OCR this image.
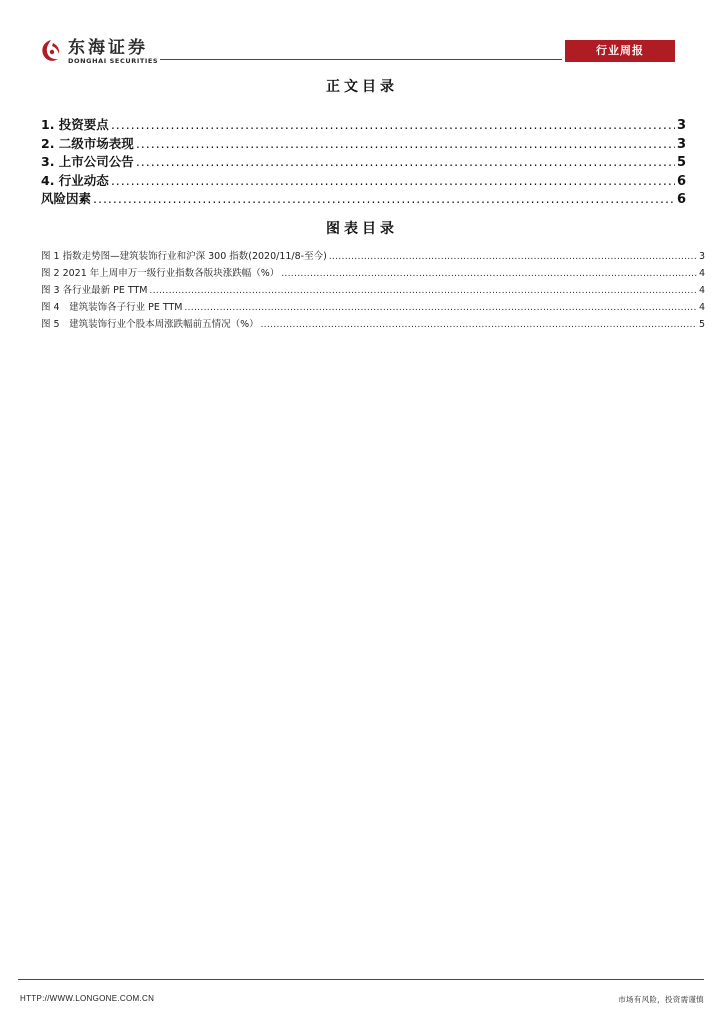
东海证券
DONGHAI SECURITIES
行业周报
正文目录
1. 投资要点 .....	3
2. 二级市场表现 .....	3
3. 上市公司公告 .....	5
4. 行业动态 .....	6
风险因素 .....	6
图表目录
图 1 指数走势图—建筑装饰行业和沪深 300 指数(2020/11/8-至今) .....	3
图 2 2021 年上周申万一级行业指数各版块涨跌幅（%） .....	4
图 3 各行业最新 PE TTM .....	4
图 4　建筑装饰各子行业 PE TTM .....	4
图 5　建筑装饰行业个股本周涨跌幅前五情况（%） .....	5
HTTP://WWW.LONGONE.COM.CN	市场有风险，投资需谨慎
